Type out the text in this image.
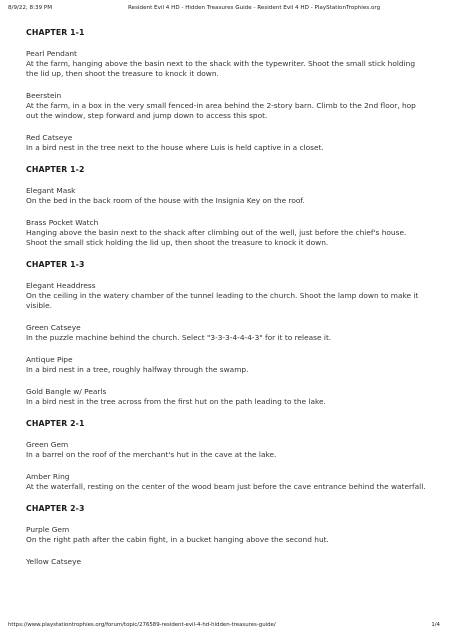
8/9/22, 8:39 PM	Resident Evil 4 HD - Hidden Treasures Guide - Resident Evil 4 HD - PlayStationTrophies.org
CHAPTER 1-1
Pearl Pendant
At the farm, hanging above the basin next to the shack with the typewriter. Shoot the small stick holding the lid up, then shoot the treasure to knock it down.
Beerstein
At the farm, in a box in the very small fenced-in area behind the 2-story barn. Climb to the 2nd floor, hop out the window, step forward and jump down to access this spot.
Red Catseye
In a bird nest in the tree next to the house where Luis is held captive in a closet.
CHAPTER 1-2
Elegant Mask
On the bed in the back room of the house with the Insignia Key on the roof.
Brass Pocket Watch
Hanging above the basin next to the shack after climbing out of the well, just before the chief's house. Shoot the small stick holding the lid up, then shoot the treasure to knock it down.
CHAPTER 1-3
Elegant Headdress
On the ceiling in the watery chamber of the tunnel leading to the church. Shoot the lamp down to make it visible.
Green Catseye
In the puzzle machine behind the church. Select "3-3-3-4-4-4-3" for it to release it.
Antique Pipe
In a bird nest in a tree, roughly halfway through the swamp.
Gold Bangle w/ Pearls
In a bird nest in the tree across from the first hut on the path leading to the lake.
CHAPTER 2-1
Green Gem
In a barrel on the roof of the merchant's hut in the cave at the lake.
Amber Ring
At the waterfall, resting on the center of the wood beam just before the cave entrance behind the waterfall.
CHAPTER 2-3
Purple Gem
On the right path after the cabin fight, in a bucket hanging above the second hut.
Yellow Catseye
https://www.playstationtrophies.org/forum/topic/276589-resident-evil-4-hd-hidden-treasures-guide/	1/4
